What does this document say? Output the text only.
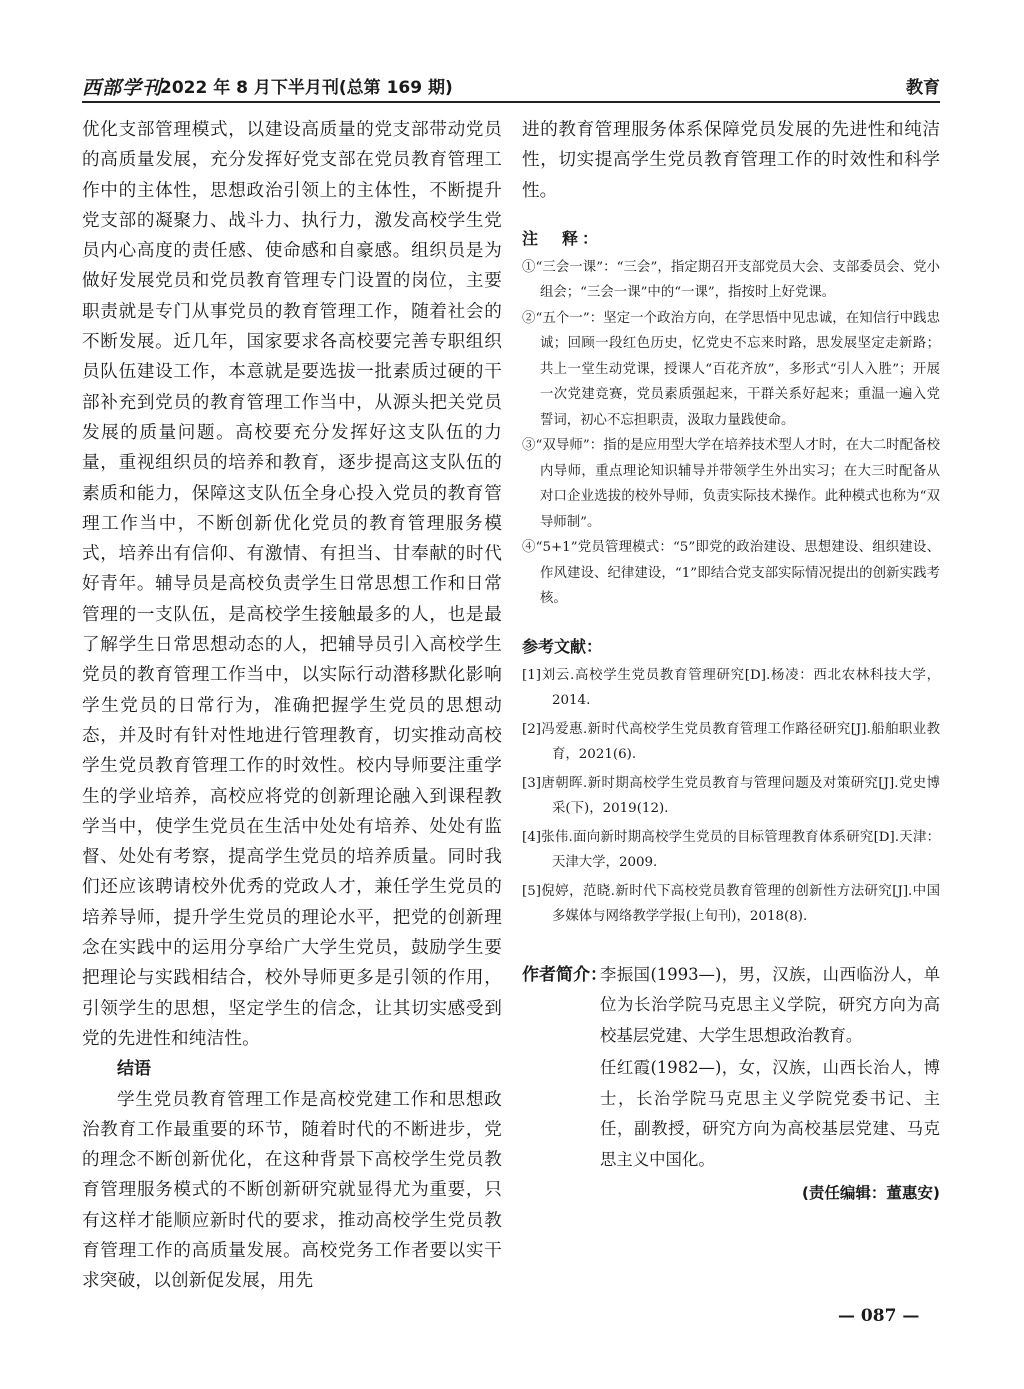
西部学刊
2022 年 8 月下半月刊(总第 169 期)	教育

优化支部管理模式，以建设高质量的党支部带动党员的高质量发展，充分发挥好党支部在党员教育管理工作中的主体性，思想政治引领上的主体性，不断提升党支部的凝聚力、战斗力、执行力，激发高校学生党员内心高度的责任感、使命感和自豪感。组织员是为做好发展党员和党员教育管理专门设置的岗位，主要职责就是专门从事党员的教育管理工作，随着社会的不断发展。近几年，国家要求各高校要完善专职组织员队伍建设工作，本意就是要选拔一批素质过硬的干部补充到党员的教育管理工作当中，从源头把关党员发展的质量问题。高校要充分发挥好这支队伍的力量，重视组织员的培养和教育，逐步提高这支队伍的素质和能力，保障这支队伍全身心投入党员的教育管理工作当中，不断创新优化党员的教育管理服务模式，培养出有信仰、有激情、有担当、甘奉献的时代好青年。辅导员是高校负责学生日常思想工作和日常管理的一支队伍，是高校学生接触最多的人，也是最了解学生日常思想动态的人，把辅导员引入高校学生党员的教育管理工作当中，以实际行动潜移默化影响学生党员的日常行为，准确把握学生党员的思想动态，并及时有针对性地进行管理教育，切实推动高校学生党员教育管理工作的时效性。校内导师要注重学生的学业培养，高校应将党的创新理论融入到课程教学当中，使学生党员在生活中处处有培养、处处有监督、处处有考察，提高学生党员的培养质量。同时我们还应该聘请校外优秀的党政人才，兼任学生党员的培养导师，提升学生党员的理论水平，把党的创新理念在实践中的运用分享给广大学生党员，鼓励学生要把理论与实践相结合，校外导师更多是引领的作用，引领学生的思想，坚定学生的信念，让其切实感受到党的先进性和纯洁性。

结语

学生党员教育管理工作是高校党建工作和思想政治教育工作最重要的环节，随着时代的不断进步，党的理念不断创新优化，在这种背景下高校学生党员教育管理服务模式的不断创新研究就显得尤为重要，只有这样才能顺应新时代的要求，推动高校学生党员教育管理工作的高质量发展。高校党务工作者要以实干求突破，以创新促发展，用先

进的教育管理服务体系保障党员发展的先进性和纯洁性，切实提高学生党员教育管理工作的时效性和科学性。

注　释：
①“三会一课”：“三会”，指定期召开支部党员大会、支部委员会、党小组会；“三会一课”中的“一课”，指按时上好党课。
②“五个一”：坚定一个政治方向，在学思悟中见忠诚，在知信行中践忠诚；回顾一段红色历史，忆党史不忘来时路，思发展坚定走新路；共上一堂生动党课，授课人“百花齐放”，多形式“引人入胜”；开展一次党建竞赛，党员素质强起来，干群关系好起来；重温一遍入党誓词，初心不忘担职责，汲取力量践使命。
③“双导师”：指的是应用型大学在培养技术型人才时，在大二时配备校内导师，重点理论知识辅导并带领学生外出实习；在大三时配备从对口企业选拔的校外导师，负责实际技术操作。此种模式也称为“双导师制”。
④“5+1”党员管理模式：“5”即党的政治建设、思想建设、组织建设、作风建设、纪律建设，“1”即结合党支部实际情况提出的创新实践考核。
参考文献：
[1]刘云.高校学生党员教育管理研究[D].杨凌：西北农林科技大学，2014.
[2]冯爱惠.新时代高校学生党员教育管理工作路径研究[J].船舶职业教育，2021(6).
[3]唐朝晖.新时期高校学生党员教育与管理问题及对策研究[J].党史博采(下)，2019(12).
[4]张伟.面向新时期高校学生党员的目标管理教育体系研究[D].天津：天津大学，2009.
[5]倪婷，范晓.新时代下高校党员教育管理的创新性方法研究[J].中国多媒体与网络教学学报(上旬刊)，2018(8).
作者简介：

李振国(1993—)，男，汉族，山西临汾人，单位为长治学院马克思主义学院，研究方向为高校基层党建、大学生思想政治教育。

任红霞(1982—)，女，汉族，山西长治人，博士，长治学院马克思主义学院党委书记、主任，副教授，研究方向为高校基层党建、马克思主义中国化。

(责任编辑：董惠安)
— 087 —
